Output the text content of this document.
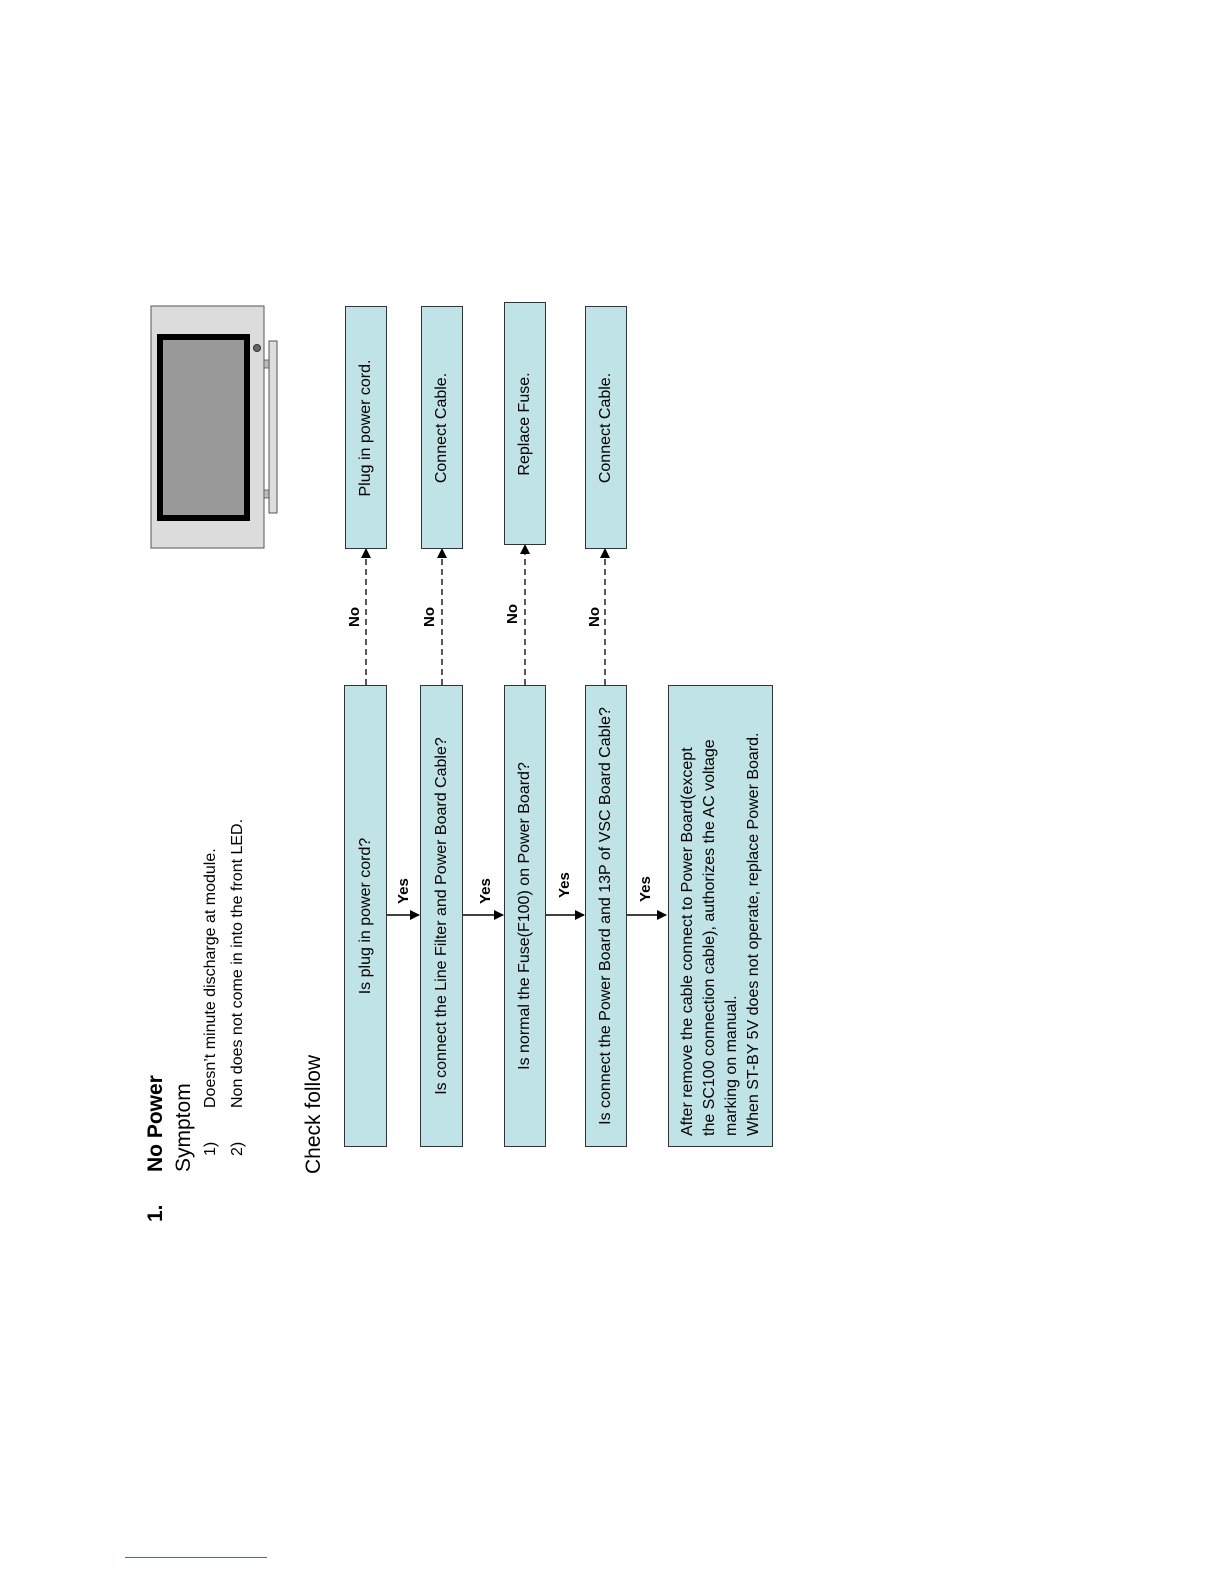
1.
No Power Symptom 1)
Doesn’t minute discharge at module.
2)
Non does not come in into the front LED.
Check follow
Is plug in power cord?	Is connect the Line Filter and Power Board Cable?	Is normal the Fuse(F100) on Power Board?	Is connect the Power Board and 13P of VSC Board Cable?	After remove the cable connect to Power Board(except the SC100 connection cable), authorizes the AC voltage marking on manual. When ST-BY 5V does not operate, replace Power Board.
Plug in power cord.	Connect Cable.	Replace Fuse.	Connect Cable.
Yes	Yes	Yes	Yes
No	No	No	No
